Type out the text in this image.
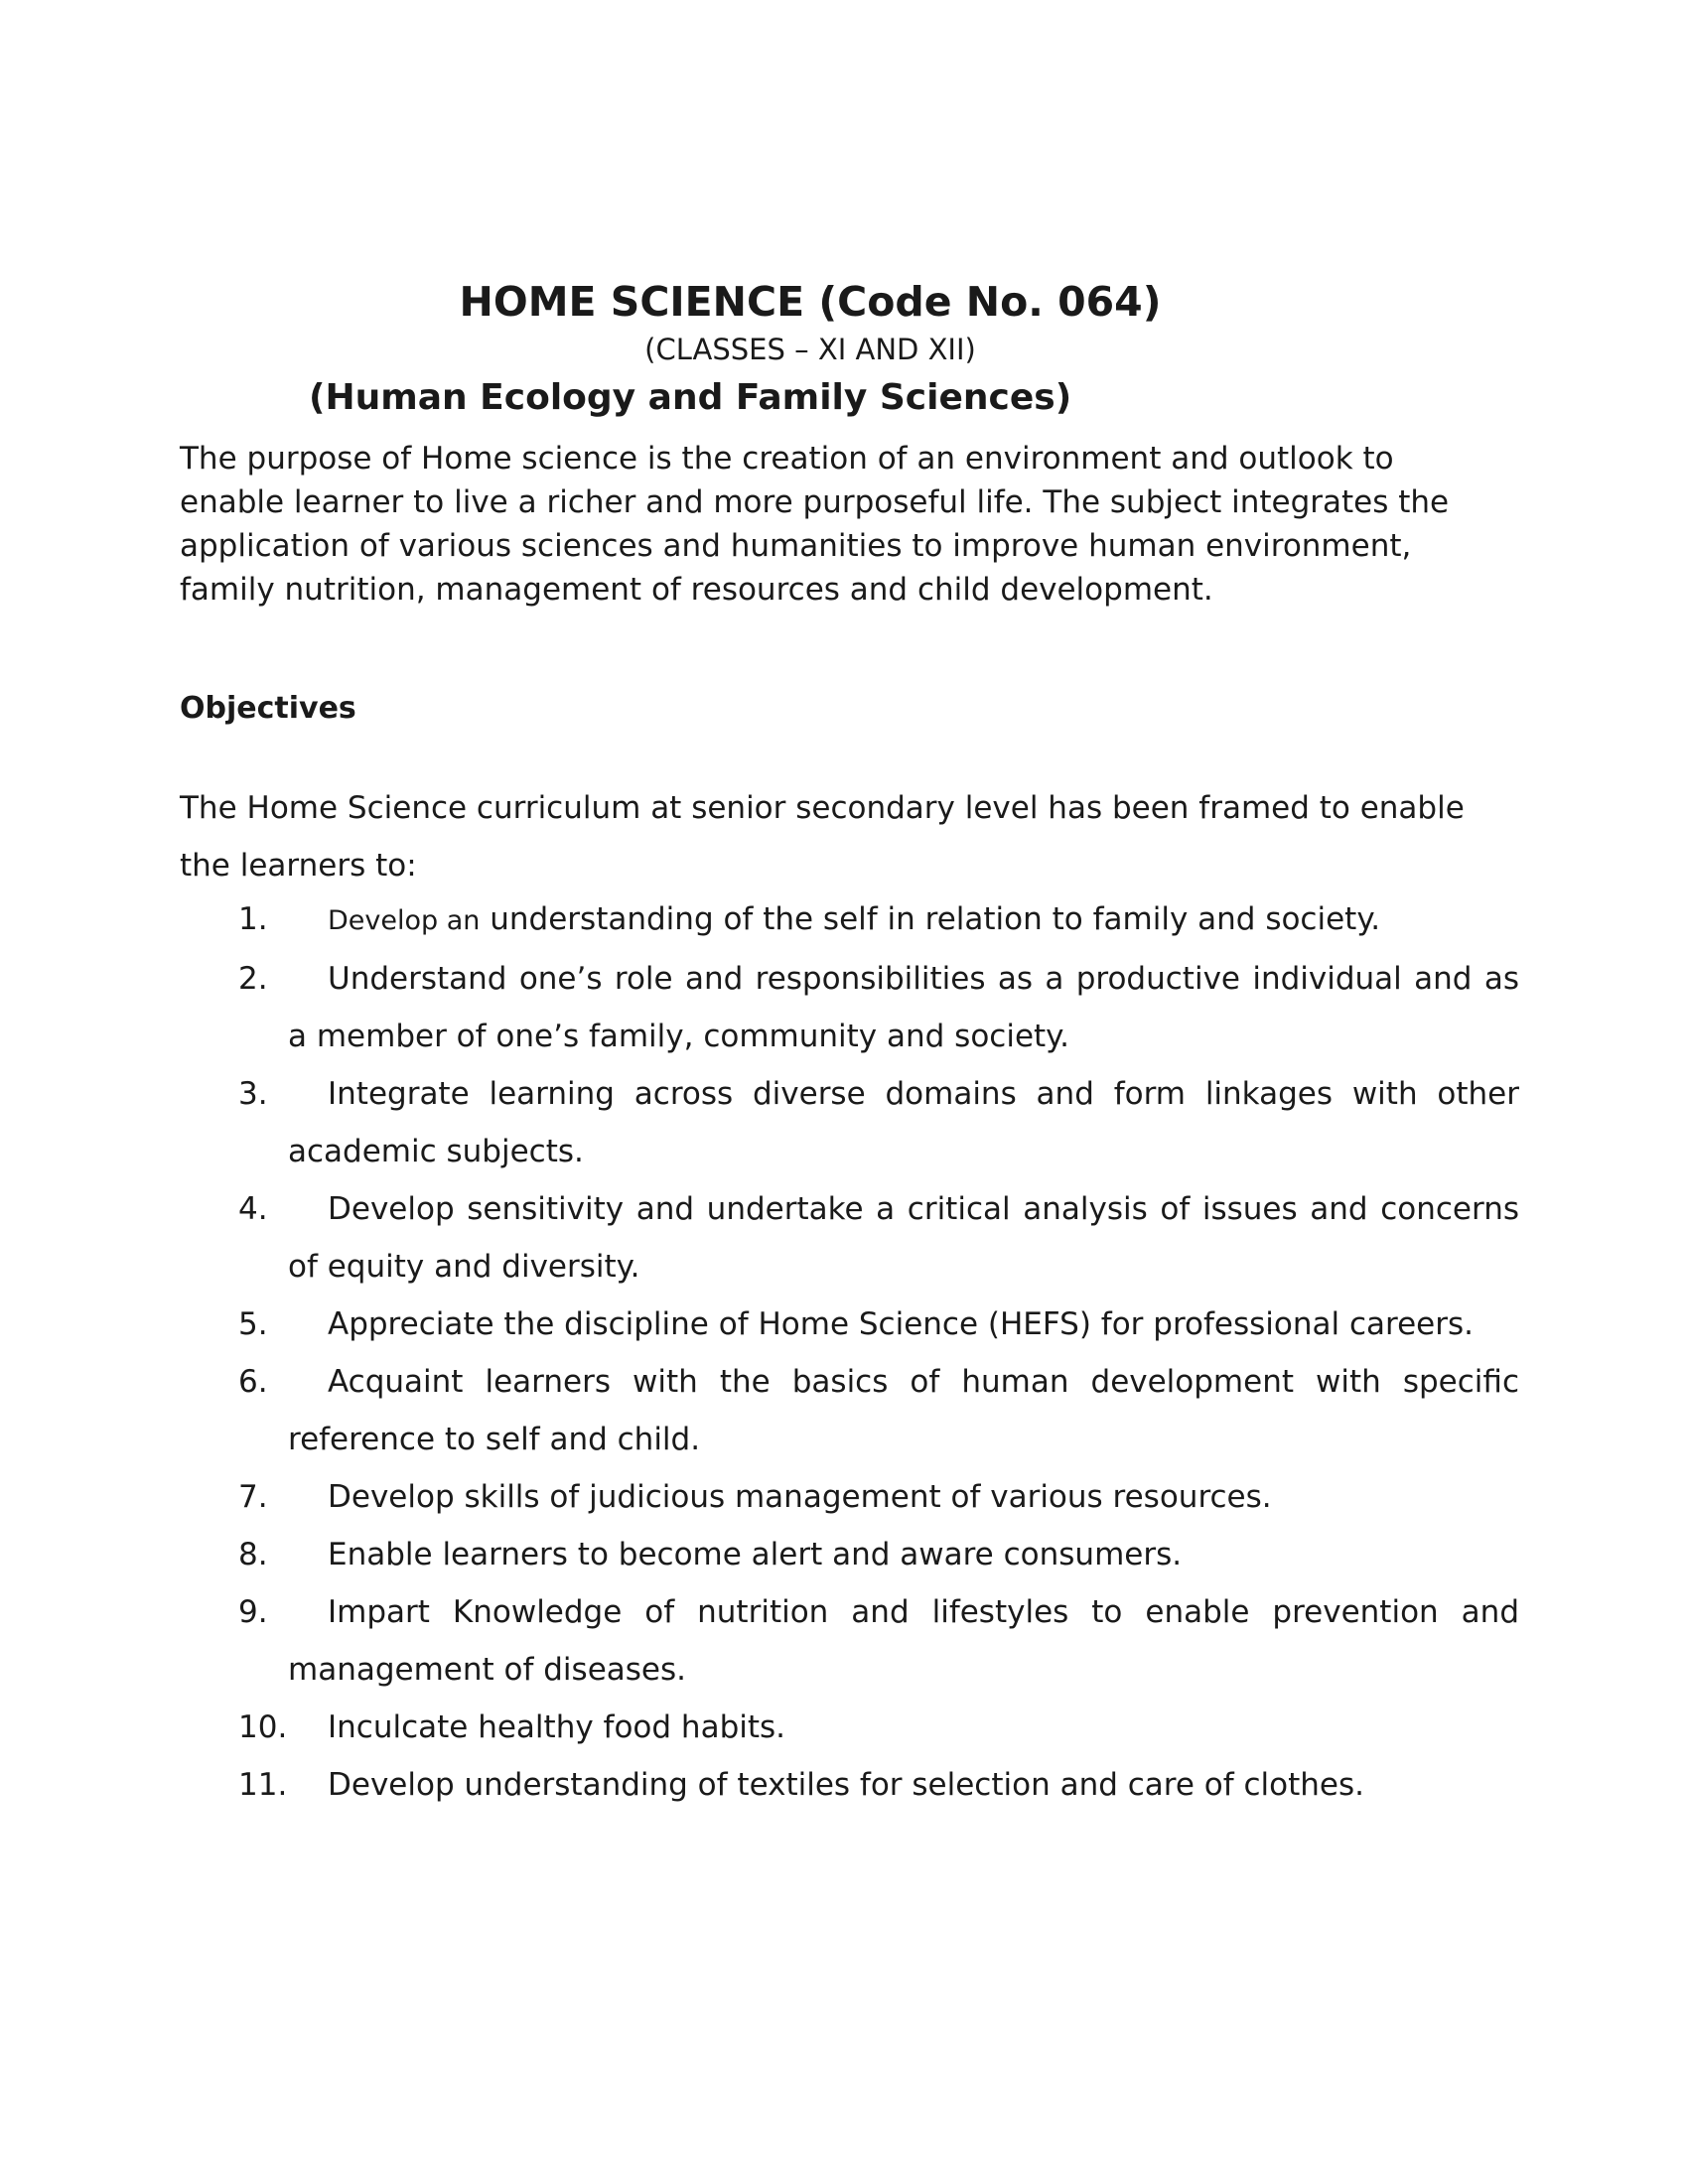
HOME SCIENCE (Code No. 064)
(CLASSES – XI AND XII)
(Human Ecology and Family Sciences)

The purpose of Home science is the creation of an environment and outlook to enable learner to live a richer and more purposeful life. The subject integrates the application of various sciences and humanities to improve human environment, family nutrition, management of resources and child development.

Objectives

The Home Science curriculum at senior secondary level has been framed to enable the learners to:

1.	Develop an understanding of the self in relation to family and society.
2.	Understand one’s role and responsibilities as a productive individual and as a member of one’s family, community and society.
3.	Integrate learning across diverse domains and form linkages with other academic subjects.
4.	Develop sensitivity and undertake a critical analysis of issues and concerns of equity and diversity.
5.	Appreciate the discipline of Home Science (HEFS) for professional careers.
6.	Acquaint learners with the basics of human development with specific reference to self and child.
7.	Develop skills of judicious management of various resources.
8.	Enable learners to become alert and aware consumers.
9.	Impart Knowledge of nutrition and lifestyles to enable prevention and management of diseases.
10.	Inculcate healthy food habits.
11.	Develop understanding of textiles for selection and care of clothes.
